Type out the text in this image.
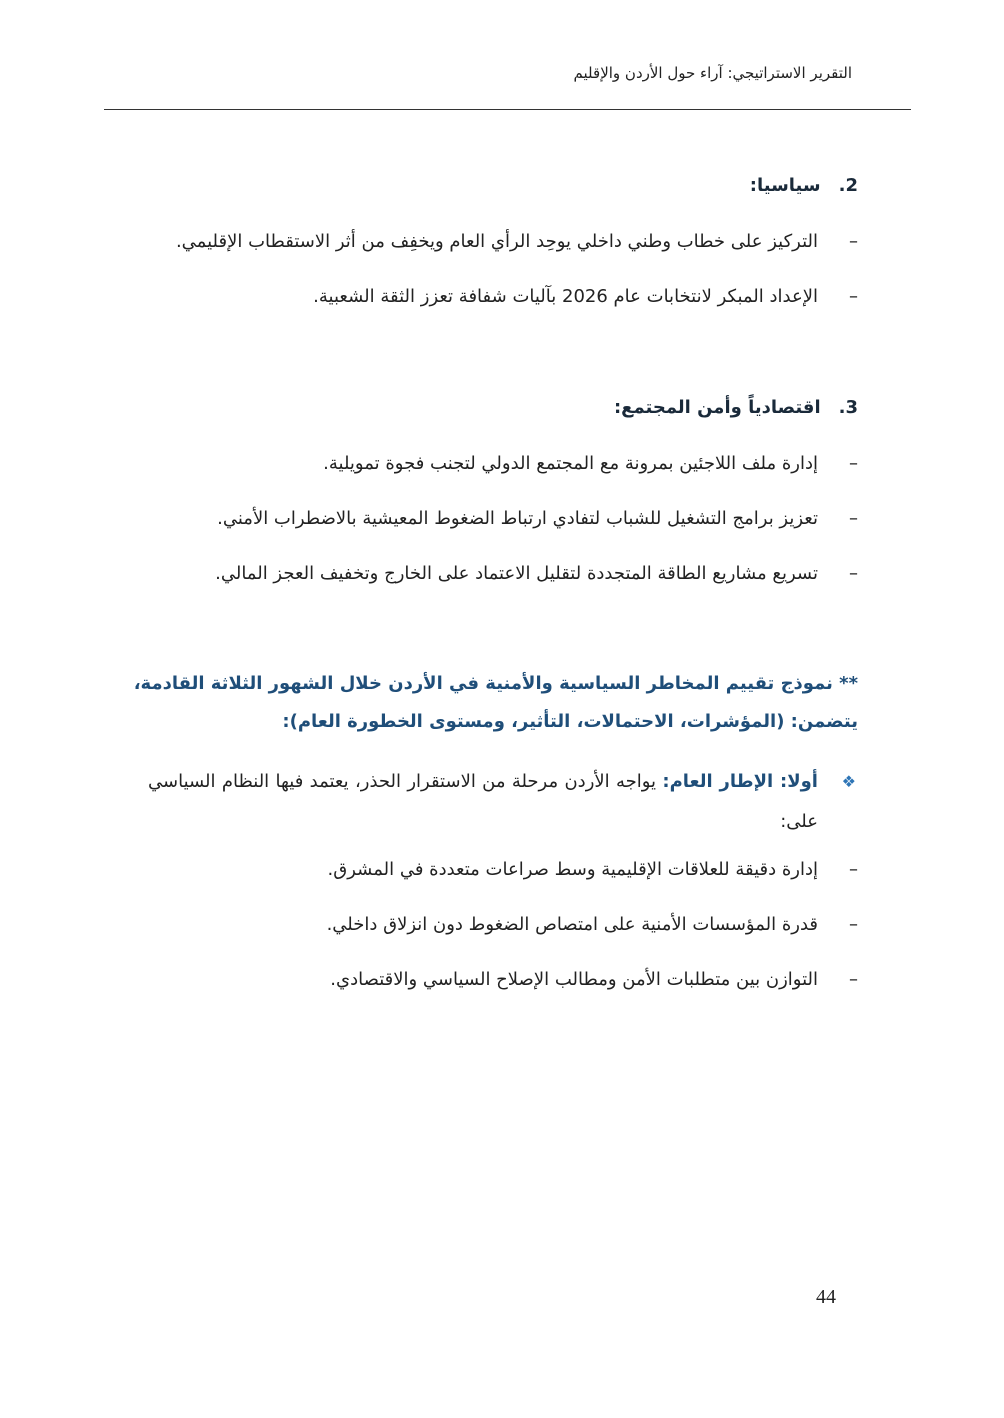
التقرير الاستراتيجي: آراء حول الأردن والإقليم
2.سياسيا:
–
التركيز على خطاب وطني داخلي يوحِد الرأي العام ويخفِف من أثر الاستقطاب الإقليمي.
–
الإعداد المبكر لانتخابات عام 2026 بآليات شفافة تعزز الثقة الشعبية.
3.اقتصادياً وأمن المجتمع:
–
إدارة ملف اللاجئين بمرونة مع المجتمع الدولي لتجنب فجوة تمويلية.
–
تعزيز برامج التشغيل للشباب لتفادي ارتباط الضغوط المعيشية بالاضطراب الأمني.
–
تسريع مشاريع الطاقة المتجددة لتقليل الاعتماد على الخارج وتخفيف العجز المالي.
** نموذج تقييم المخاطر السياسية والأمنية في الأردن خلال الشهور الثلاثة القادمة،
يتضمن: (المؤشرات، الاحتمالات، التأثير، ومستوى الخطورة العام):
❖
أولا: الإطار العام: يواجه الأردن مرحلة من الاستقرار الحذر، يعتمد فيها النظام السياسي على:
–
إدارة دقيقة للعلاقات الإقليمية وسط صراعات متعددة في المشرق.
–
قدرة المؤسسات الأمنية على امتصاص الضغوط دون انزلاق داخلي.
–
التوازن بين متطلبات الأمن ومطالب الإصلاح السياسي والاقتصادي.
44
